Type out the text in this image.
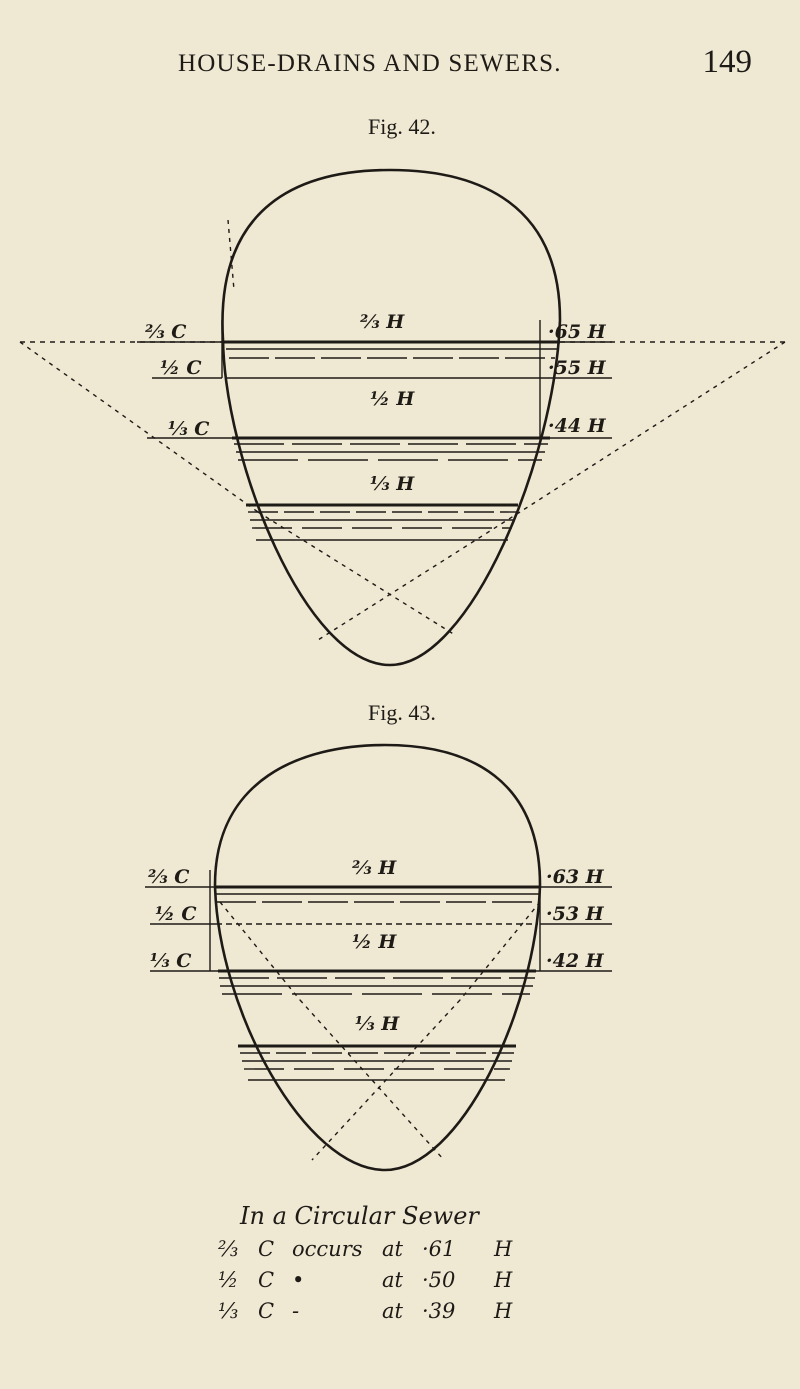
HOUSE-DRAINS AND SEWERS.	149
Fig. 42.
⅔ C
½ C
⅓ C
⅔ H
½ H
⅓ H
·65 H
·55 H
·44 H
Fig. 43.
⅔ C
½ C
⅓ C
⅔ H
½ H
⅓ H
·63 H
·53 H
·42 H
In a Circular Sewer
⅔ C occurs at ·61	H
½ C •	at ·50	H
⅓ C -	at ·39	H
